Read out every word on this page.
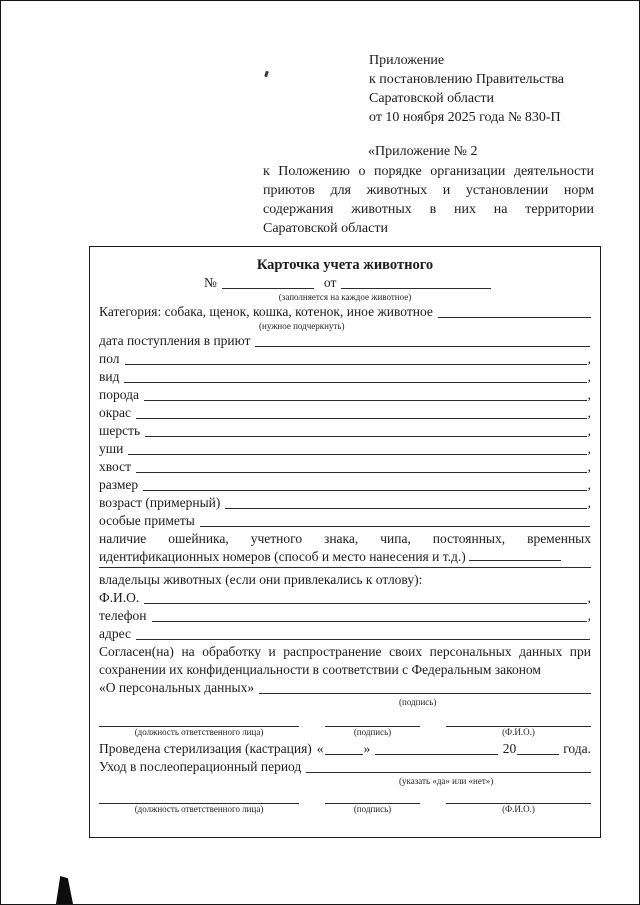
Приложение
к постановлению Правительства
Саратовской области
от 10 ноября 2025 года № 830-П
«Приложение № 2
к Положению о порядке организации деятельности приютов для животных и установлении норм содержания животных в них на территории Саратовской области
Карточка учета животного
№	от
(заполняется на каждое животное)
Категория: собака, щенок, кошка, котенок, иное животное
(нужное подчеркнуть)
дата поступления в приют
пол	,
вид	,
порода	,
окрас	,
шерсть	,
уши	,
хвост	,
размер	,
возраст (примерный)	,
особые приметы
наличие ошейника, учетного знака, чипа, постоянных, временных идентификационных номеров (способ и место нанесения и т.д.)
владельцы животных (если они привлекались к отлову):
Ф.И.О.	,
телефон	,
адрес
Согласен(на) на обработку и распространение своих персональных данных при сохранении их конфиденциальности в соответствии с Федеральным законом
«О персональных данных»
(подпись)
(должность ответственного лица)	(подпись)	(Ф.И.О.)
Проведена стерилизация (кастрация) «	»	20	года.
Уход в послеоперационный период
(указать «да» или «нет»)
(должность ответственного лица)	(подпись)	(Ф.И.О.)
